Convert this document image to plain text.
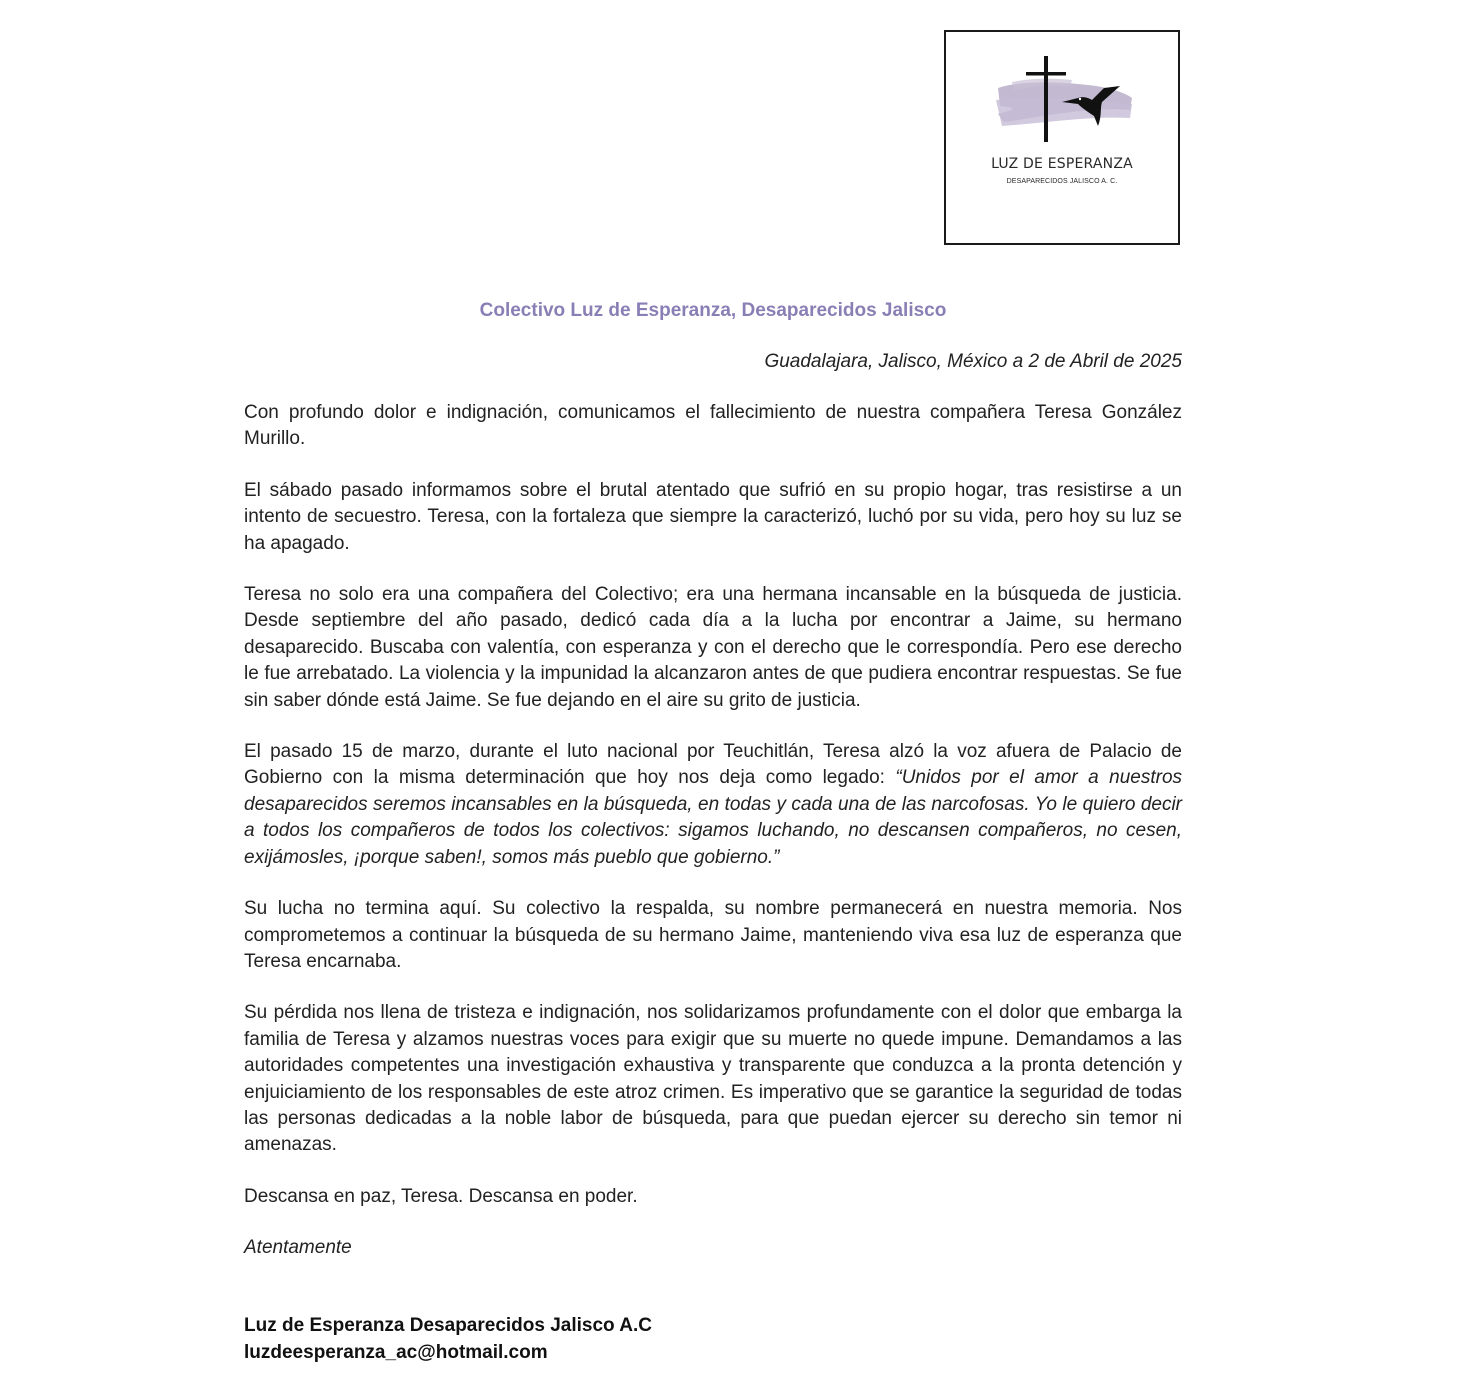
LUZ DE ESPERANZA
DESAPARECIDOS JALISCO A. C.
Colectivo Luz de Esperanza, Desaparecidos Jalisco
Guadalajara, Jalisco, México a 2 de Abril de 2025

Con profundo dolor e indignación, comunicamos el fallecimiento de nuestra compañera Teresa González Murillo.

El sábado pasado informamos sobre el brutal atentado que sufrió en su propio hogar, tras resistirse a un intento de secuestro. Teresa, con la fortaleza que siempre la caracterizó, luchó por su vida, pero hoy su luz se ha apagado.

Teresa no solo era una compañera del Colectivo; era una hermana incansable en la búsqueda de justicia. Desde septiembre del año pasado, dedicó cada día a la lucha por encontrar a Jaime, su hermano desaparecido. Buscaba con valentía, con esperanza y con el derecho que le correspondía. Pero ese derecho le fue arrebatado. La violencia y la impunidad la alcanzaron antes de que pudiera encontrar respuestas. Se fue sin saber dónde está Jaime. Se fue dejando en el aire su grito de justicia.

El pasado 15 de marzo, durante el luto nacional por Teuchitlán, Teresa alzó la voz afuera de Palacio de Gobierno con la misma determinación que hoy nos deja como legado: “Unidos por el amor a nuestros desaparecidos seremos incansables en la búsqueda, en todas y cada una de las narcofosas. Yo le quiero decir a todos los compañeros de todos los colectivos: sigamos luchando, no descansen compañeros, no cesen, exijámosles, ¡porque saben!, somos más pueblo que gobierno.”

Su lucha no termina aquí. Su colectivo la respalda, su nombre permanecerá en nuestra memoria. Nos comprometemos a continuar la búsqueda de su hermano Jaime, manteniendo viva esa luz de esperanza que Teresa encarnaba.

Su pérdida nos llena de tristeza e indignación, nos solidarizamos profundamente con el dolor que embarga la familia de Teresa y alzamos nuestras voces para exigir que su muerte no quede impune. Demandamos a las autoridades competentes una investigación exhaustiva y transparente que conduzca a la pronta detención y enjuiciamiento de los responsables de este atroz crimen. Es imperativo que se garantice la seguridad de todas las personas dedicadas a la noble labor de búsqueda, para que puedan ejercer su derecho sin temor ni amenazas.

Descansa en paz, Teresa. Descansa en poder.

Atentamente

Luz de Esperanza Desaparecidos Jalisco A.C
luzdeesperanza_ac@hotmail.com
